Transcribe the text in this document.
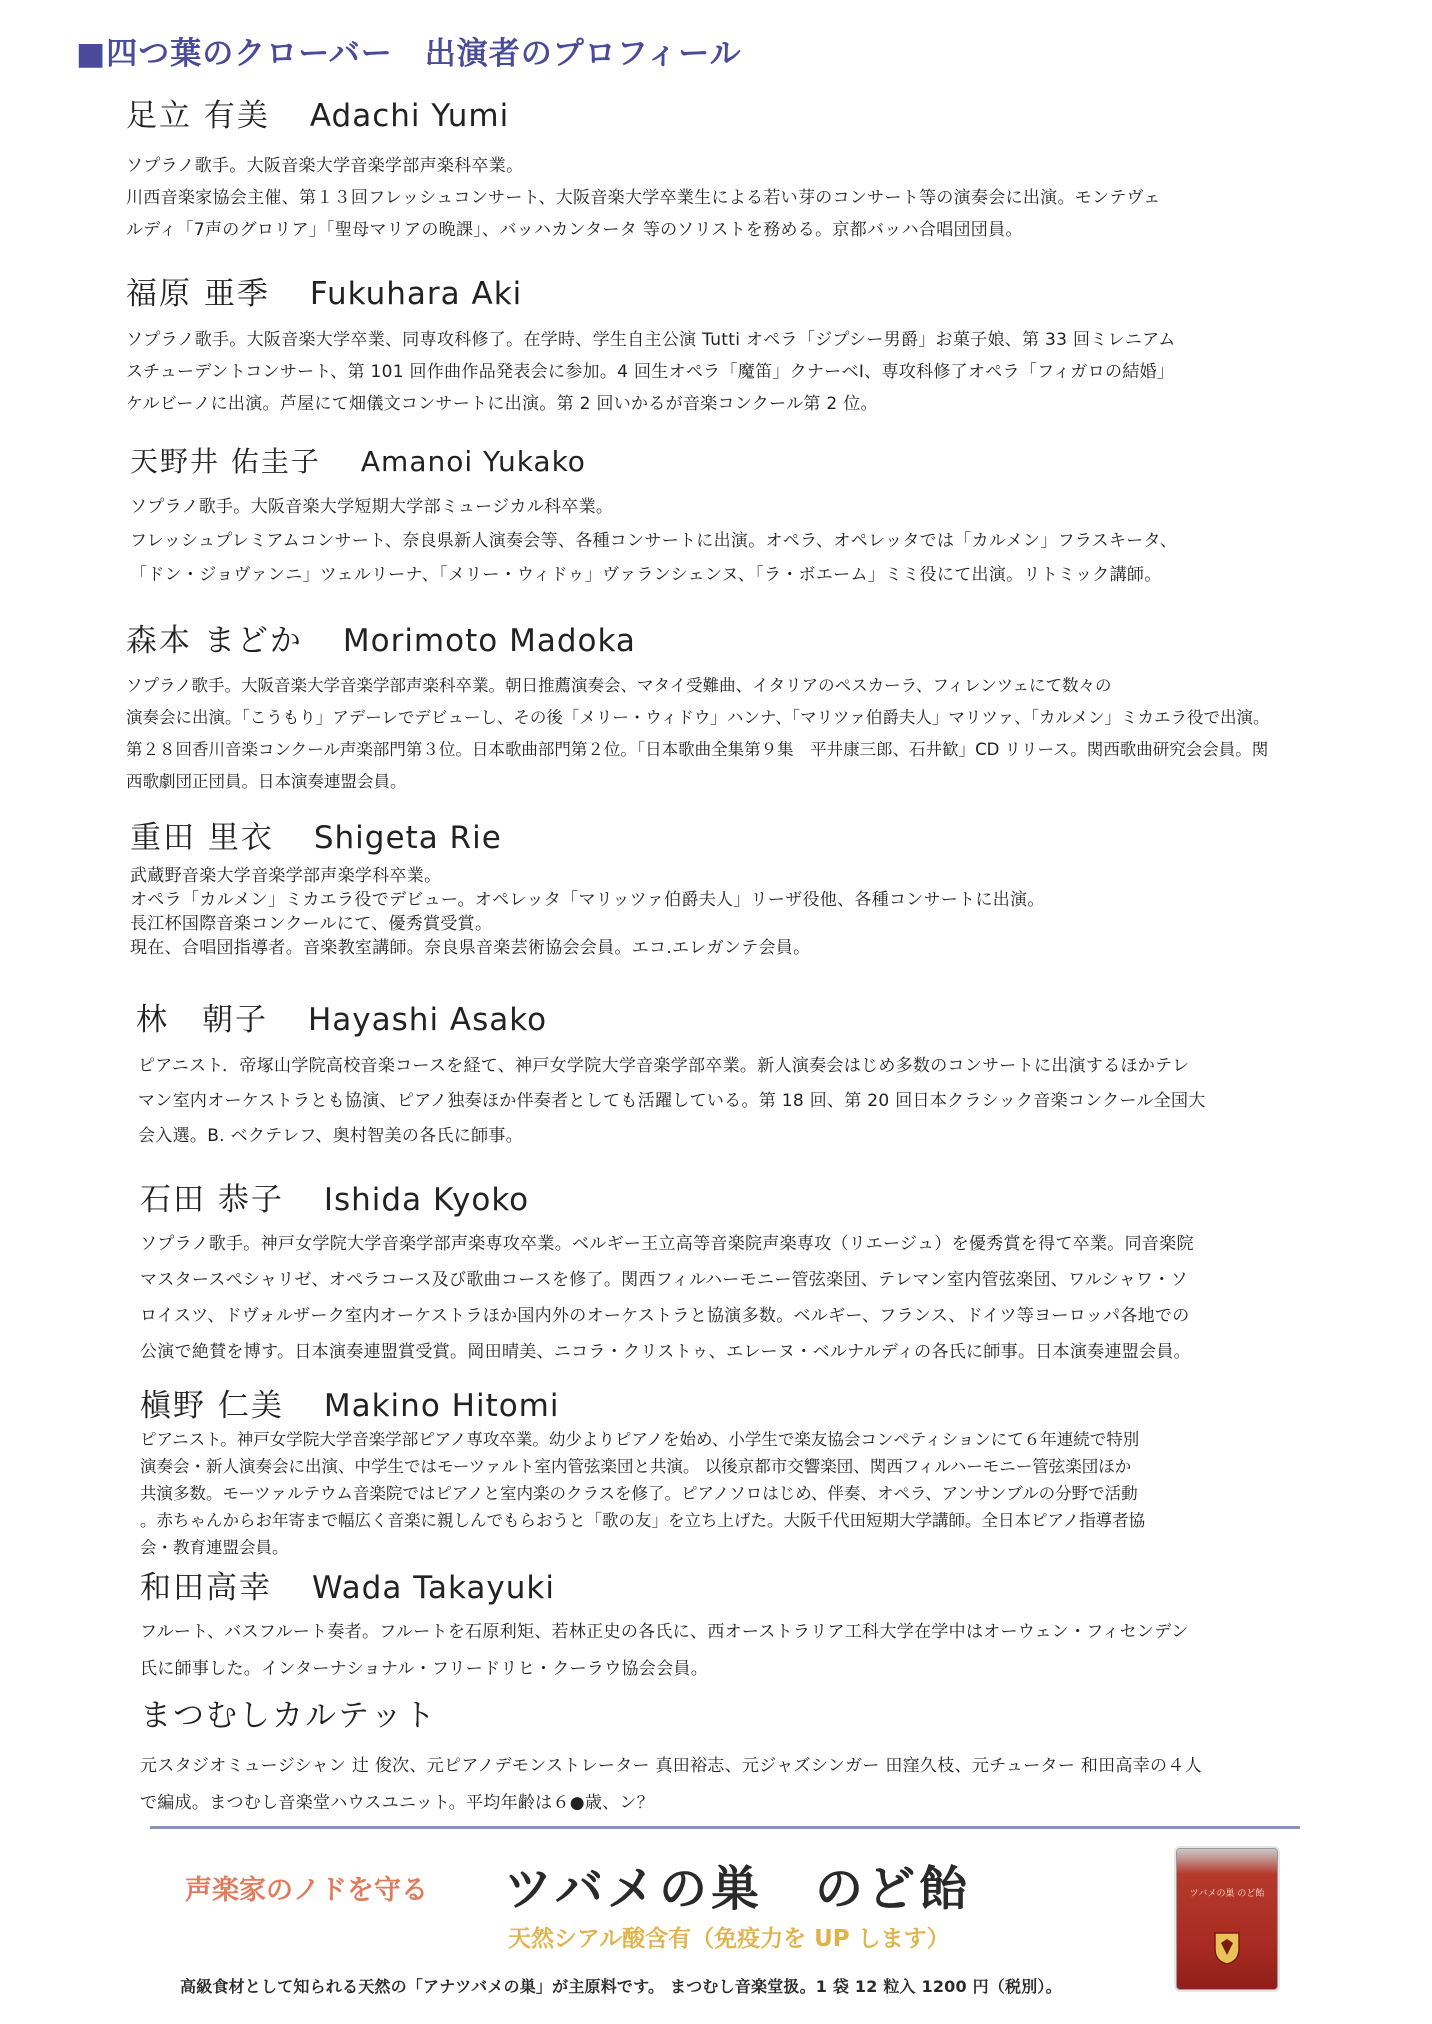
■四つ葉のクローバー　出演者のプロフィール
足立 有美 Adachi Yumi
ソプラノ歌手。大阪音楽大学音楽学部声楽科卒業。
川西音楽家協会主催、第１３回フレッシュコンサート、大阪音楽大学卒業生による若い芽のコンサート等の演奏会に出演。モンテヴェ
ルディ「7声のグロリア」「聖母マリアの晩課」、バッハカンタータ 等のソリストを務める。京都バッハ合唱団団員。
福原 亜季 Fukuhara Aki
ソプラノ歌手。大阪音楽大学卒業、同専攻科修了。在学時、学生自主公演 Tutti オペラ「ジプシー男爵」お菓子娘、第 33 回ミレニアム
スチューデントコンサート、第 101 回作曲作品発表会に参加。4 回生オペラ「魔笛」クナーベⅠ、専攻科修了オペラ「フィガロの結婚」
ケルビーノに出演。芦屋にて畑儀文コンサートに出演。第 2 回いかるが音楽コンクール第 2 位。
天野井 佑圭子 Amanoi Yukako
ソプラノ歌手。大阪音楽大学短期大学部ミュージカル科卒業。
フレッシュプレミアムコンサート、奈良県新人演奏会等、各種コンサートに出演。オペラ、オペレッタでは「カルメン」フラスキータ、
「ドン・ジョヴァンニ」ツェルリーナ、「メリー・ウィドゥ」ヴァランシェンヌ、「ラ・ボエーム」ミミ役にて出演。リトミック講師。
森本 まどか Morimoto Madoka
ソプラノ歌手。大阪音楽大学音楽学部声楽科卒業。朝日推薦演奏会、マタイ受難曲、イタリアのペスカーラ、フィレンツェにて数々の
演奏会に出演。「こうもり」アデーレでデビューし、その後「メリー・ウィドウ」ハンナ、「マリツァ伯爵夫人」マリツァ、「カルメン」ミカエラ役で出演。
第２８回香川音楽コンクール声楽部門第３位。日本歌曲部門第２位。「日本歌曲全集第９集　平井康三郎、石井歓」CD リリース。関西歌曲研究会会員。関
西歌劇団正団員。日本演奏連盟会員。
重田 里衣 Shigeta Rie
武蔵野音楽大学音楽学部声楽学科卒業。
オペラ「カルメン」ミカエラ役でデビュー。オペレッタ「マリッツァ伯爵夫人」リーザ役他、各種コンサートに出演。
長江杯国際音楽コンクールにて、優秀賞受賞。
現在、合唱団指導者。音楽教室講師。奈良県音楽芸術協会会員。エコ.エレガンテ会員。
林　朝子 Hayashi Asako
ピアニスト．帝塚山学院高校音楽コースを経て、神戸女学院大学音楽学部卒業。新人演奏会はじめ多数のコンサートに出演するほかテレ
マン室内オーケストラとも協演、ピアノ独奏ほか伴奏者としても活躍している。第 18 回、第 20 回日本クラシック音楽コンクール全国大
会入選。B. ベクテレフ、奥村智美の各氏に師事。
石田 恭子 Ishida Kyoko
ソプラノ歌手。神戸女学院大学音楽学部声楽専攻卒業。ベルギー王立高等音楽院声楽専攻（リエージュ）を優秀賞を得て卒業。同音楽院
マスタースペシャリゼ、オペラコース及び歌曲コースを修了。関西フィルハーモニー管弦楽団、テレマン室内管弦楽団、ワルシャワ・ソ
ロイスツ、ドヴォルザーク室内オーケストラほか国内外のオーケストラと協演多数。ベルギー、フランス、ドイツ等ヨーロッパ各地での
公演で絶賛を博す。日本演奏連盟賞受賞。岡田晴美、ニコラ・クリストゥ、エレーヌ・ベルナルディの各氏に師事。日本演奏連盟会員。
槇野 仁美 Makino Hitomi
ピアニスト。神戸女学院大学音楽学部ピアノ専攻卒業。幼少よりピアノを始め、小学生で楽友協会コンペティションにて６年連続で特別
演奏会・新人演奏会に出演、中学生ではモーツァルト室内管弦楽団と共演。 以後京都市交響楽団、関西フィルハーモニー管弦楽団ほか
共演多数。モーツァルテウム音楽院ではピアノと室内楽のクラスを修了。ピアノソロはじめ、伴奏、オペラ、アンサンブルの分野で活動
。赤ちゃんからお年寄まで幅広く音楽に親しんでもらおうと「歌の友」を立ち上げた。大阪千代田短期大学講師。全日本ピアノ指導者協
会・教育連盟会員。
和田高幸 Wada Takayuki
フルート、バスフルート奏者。フルートを石原利矩、若林正史の各氏に、西オーストラリア工科大学在学中はオーウェン・フィセンデン
氏に師事した。インターナショナル・フリードリヒ・クーラウ協会会員。
まつむしカルテット
元スタジオミュージシャン 辻 俊次、元ピアノデモンストレーター 真田裕志、元ジャズシンガー 田窪久枝、元チューター 和田高幸の４人
で編成。まつむし音楽堂ハウスユニット。平均年齢は６●歳、ン？
声楽家のノドを守る ツバメの巣　のど飴
天然シアル酸含有（免疫力を UP します）
高級食材として知られる天然の「アナツバメの巣」が主原料です。 まつむし音楽堂扱。1 袋 12 粒入 1200 円（税別）。
ツバメの巣 のど飴
